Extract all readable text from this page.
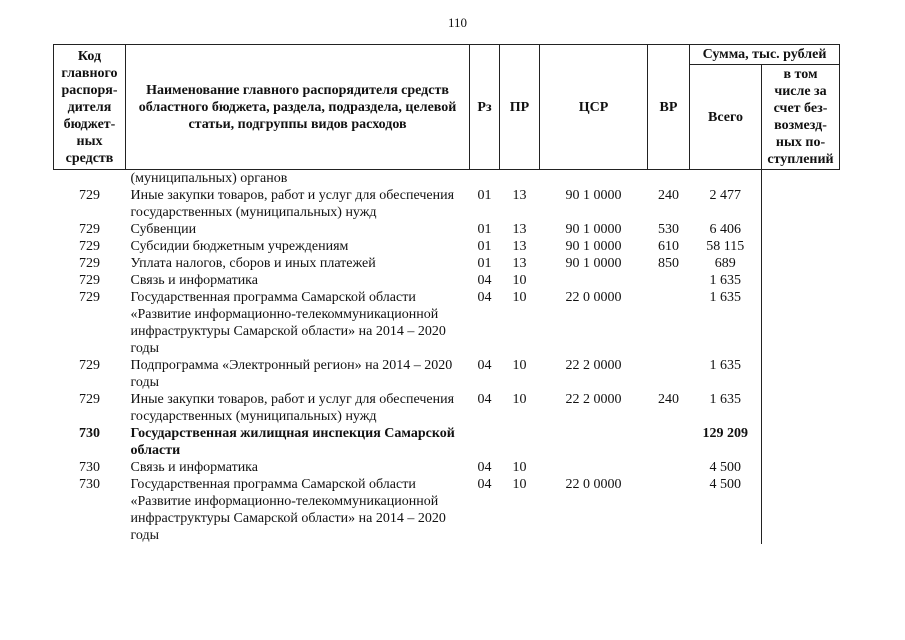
110
Код главного распоря-дителя бюджет-ных средств	Наименование главного распорядителя средств областного бюджета, раздела, подраздела, целевой статьи, подгруппы видов расходов	Рз	ПР	ЦСР	ВР	Сумма, тыс. рублей	
						Всего	в том числе за счет без-возмезд-ных по-ступлений
	(муниципальных) органов						
729	Иные закупки товаров, работ и услуг для обеспечения государственных (муниципальных) нужд	01	13	90 1 0000	240	2 477	
729	Субвенции	01	13	90 1 0000	530	6 406	
729	Субсидии бюджетным учреждениям	01	13	90 1 0000	610	58 115	
729	Уплата налогов, сборов и иных платежей	01	13	90 1 0000	850	689	
729	Связь и информатика	04	10			1 635	
729	Государственная программа Самарской области «Развитие информационно-телекоммуникационной инфраструктуры Самарской области» на 2014 – 2020 годы	04	10	22 0 0000		1 635	
729	Подпрограмма «Электронный регион» на 2014 – 2020 годы	04	10	22 2 0000		1 635	
729	Иные закупки товаров, работ и услуг для обеспечения государственных (муниципальных) нужд	04	10	22 2 0000	240	1 635	
730	Государственная жилищная инспекция Самарской области					129 209	
730	Связь и информатика	04	10			4 500	
730	Государственная программа Самарской области «Развитие информационно-телекоммуникационной инфраструктуры Самарской области» на 2014 – 2020 годы	04	10	22 0 0000		4 500	
